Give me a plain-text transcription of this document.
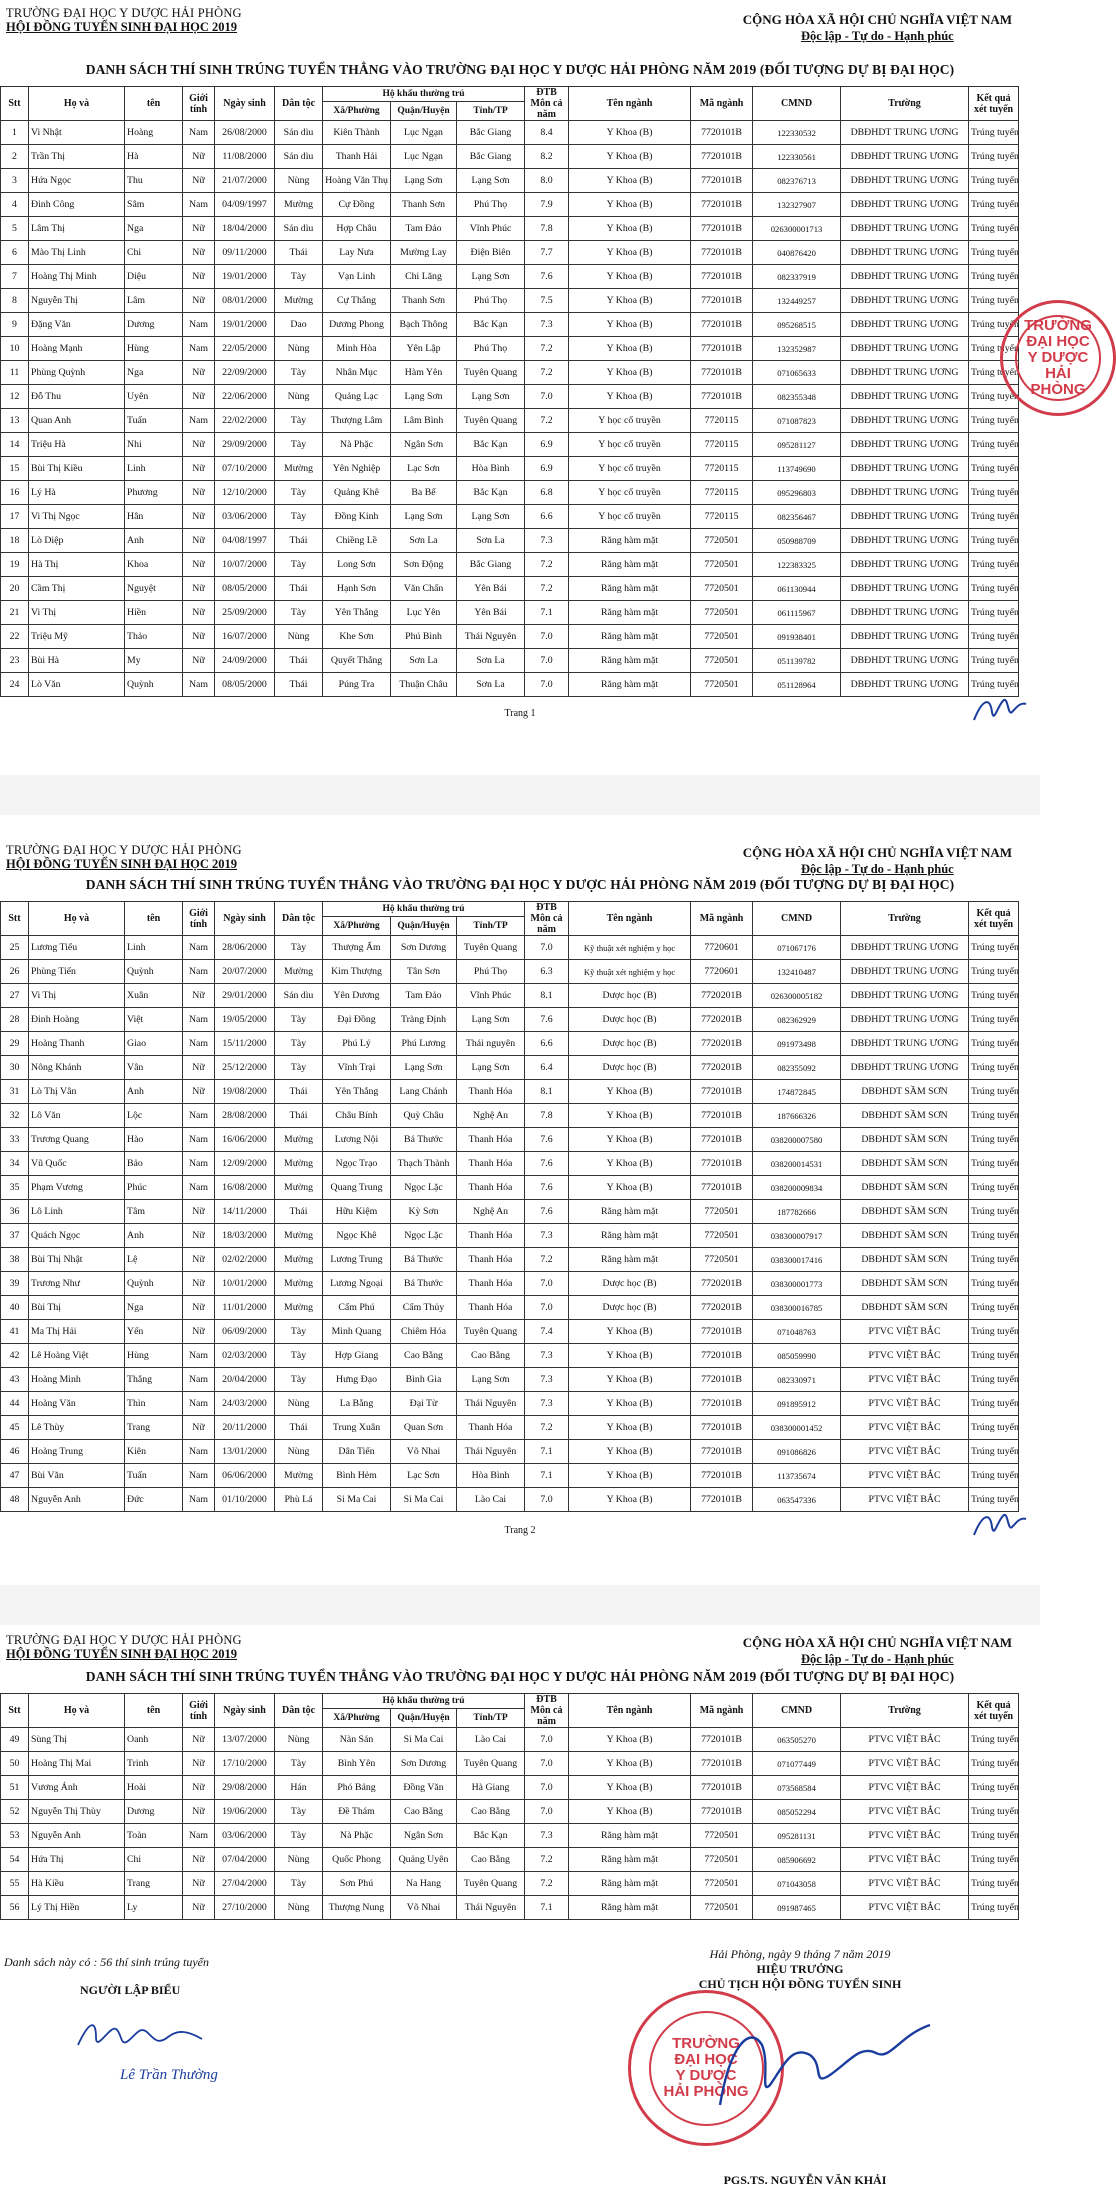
TRƯỜNG ĐẠI HỌC Y DƯỢC HẢI PHÒNG
HỘI ĐỒNG TUYỂN SINH ĐẠI HỌC 2019	CỘNG HÒA XÃ HỘI CHỦ NGHĨA VIỆT NAM
Độc lập - Tự do - Hạnh phúc
DANH SÁCH THÍ SINH TRÚNG TUYỂN THẲNG VÀO TRƯỜNG ĐẠI HỌC Y DƯỢC HẢI PHÒNG NĂM 2019 (ĐỐI TƯỢNG DỰ BỊ ĐẠI HỌC)
Stt	Họ và	tên	Giới tính	Ngày sinh	Dân tộc	Hộ khẩu thường trú			ĐTB Môn cả năm	Tên ngành	Mã ngành	CMND	Trường	Kết quả xét tuyển
						Xã/Phường	Quận/Huyện	Tỉnh/TP						
1	Vi Nhật	Hoàng	Nam	26/08/2000	Sán dìu	Kiên Thành	Lục Ngạn	Bắc Giang	8.4	Y Khoa (B)	7720101B	122330532	DBĐHDT TRUNG ƯƠNG	Trúng tuyển
2	Trần Thị	Hà	Nữ	11/08/2000	Sán dìu	Thanh Hải	Lục Ngạn	Bắc Giang	8.2	Y Khoa (B)	7720101B	122330561	DBĐHDT TRUNG ƯƠNG	Trúng tuyển
3	Hứa Ngọc	Thu	Nữ	21/07/2000	Nùng	Hoàng Văn Thụ	Lạng Sơn	Lạng Sơn	8.0	Y Khoa (B)	7720101B	082376713	DBĐHDT TRUNG ƯƠNG	Trúng tuyển
4	Đinh Công	Sâm	Nam	04/09/1997	Mường	Cự Đồng	Thanh Sơn	Phú Thọ	7.9	Y Khoa (B)	7720101B	132327907	DBĐHDT TRUNG ƯƠNG	Trúng tuyển
5	Lâm Thị	Nga	Nữ	18/04/2000	Sán dìu	Hợp Châu	Tam Đảo	Vĩnh Phúc	7.8	Y Khoa (B)	7720101B	026300001713	DBĐHDT TRUNG ƯƠNG	Trúng tuyển
6	Mào Thị Linh	Chi	Nữ	09/11/2000	Thái	Lay Nưa	Mường Lay	Điện Biên	7.7	Y Khoa (B)	7720101B	040876420	DBĐHDT TRUNG ƯƠNG	Trúng tuyển
7	Hoàng Thị Minh	Diệu	Nữ	19/01/2000	Tày	Vạn Linh	Chi Lăng	Lạng Sơn	7.6	Y Khoa (B)	7720101B	082337919	DBĐHDT TRUNG ƯƠNG	Trúng tuyển
8	Nguyễn Thị	Lâm	Nữ	08/01/2000	Mường	Cự Thắng	Thanh Sơn	Phú Thọ	7.5	Y Khoa (B)	7720101B	132449257	DBĐHDT TRUNG ƯƠNG	Trúng tuyển
9	Đặng Văn	Dương	Nam	19/01/2000	Dao	Dương Phong	Bạch Thông	Bắc Kạn	7.3	Y Khoa (B)	7720101B	095268515	DBĐHDT TRUNG ƯƠNG	Trúng tuyển
10	Hoàng Mạnh	Hùng	Nam	22/05/2000	Nùng	Minh Hòa	Yên Lập	Phú Thọ	7.2	Y Khoa (B)	7720101B	132352987	DBĐHDT TRUNG ƯƠNG	Trúng tuyển
11	Phùng Quỳnh	Nga	Nữ	22/09/2000	Tày	Nhân Mục	Hàm Yên	Tuyên Quang	7.2	Y Khoa (B)	7720101B	071065633	DBĐHDT TRUNG ƯƠNG	Trúng tuyển
12	Đỗ Thu	Uyên	Nữ	22/06/2000	Nùng	Quảng Lạc	Lạng Sơn	Lạng Sơn	7.0	Y Khoa (B)	7720101B	082355348	DBĐHDT TRUNG ƯƠNG	Trúng tuyển
13	Quan Anh	Tuấn	Nam	22/02/2000	Tày	Thượng Lâm	Lâm Bình	Tuyên Quang	7.2	Y học cổ truyền	7720115	071087823	DBĐHDT TRUNG ƯƠNG	Trúng tuyển
14	Triệu Hà	Nhi	Nữ	29/09/2000	Tày	Nà Phặc	Ngân Sơn	Bắc Kạn	6.9	Y học cổ truyền	7720115	095281127	DBĐHDT TRUNG ƯƠNG	Trúng tuyển
15	Bùi Thị Kiều	Linh	Nữ	07/10/2000	Mường	Yên Nghiệp	Lạc Sơn	Hòa Bình	6.9	Y học cổ truyền	7720115	113749690	DBĐHDT TRUNG ƯƠNG	Trúng tuyển
16	Lý Hà	Phương	Nữ	12/10/2000	Tày	Quảng Khê	Ba Bể	Bắc Kạn	6.8	Y học cổ truyền	7720115	095296803	DBĐHDT TRUNG ƯƠNG	Trúng tuyển
17	Vi Thị Ngọc	Hân	Nữ	03/06/2000	Tày	Đồng Kinh	Lạng Sơn	Lạng Sơn	6.6	Y học cổ truyền	7720115	082356467	DBĐHDT TRUNG ƯƠNG	Trúng tuyển
18	Lò Diệp	Anh	Nữ	04/08/1997	Thái	Chiềng Lề	Sơn La	Sơn La	7.3	Răng hàm mặt	7720501	050988709	DBĐHDT TRUNG ƯƠNG	Trúng tuyển
19	Hà Thị	Khoa	Nữ	10/07/2000	Tày	Long Sơn	Sơn Động	Bắc Giang	7.2	Răng hàm mặt	7720501	122383325	DBĐHDT TRUNG ƯƠNG	Trúng tuyển
20	Cầm Thị	Nguyệt	Nữ	08/05/2000	Thái	Hạnh Sơn	Văn Chấn	Yên Bái	7.2	Răng hàm mặt	7720501	061130944	DBĐHDT TRUNG ƯƠNG	Trúng tuyển
21	Vi Thị	Hiền	Nữ	25/09/2000	Tày	Yên Thắng	Lục Yên	Yên Bái	7.1	Răng hàm mặt	7720501	061115967	DBĐHDT TRUNG ƯƠNG	Trúng tuyển
22	Triệu Mỹ	Thảo	Nữ	16/07/2000	Nùng	Khe Sơn	Phú Bình	Thái Nguyên	7.0	Răng hàm mặt	7720501	091938401	DBĐHDT TRUNG ƯƠNG	Trúng tuyển
23	Bùi Hà	My	Nữ	24/09/2000	Thái	Quyết Thắng	Sơn La	Sơn La	7.0	Răng hàm mặt	7720501	051139782	DBĐHDT TRUNG ƯƠNG	Trúng tuyển
24	Lò Văn	Quỳnh	Nam	08/05/2000	Thái	Púng Tra	Thuận Châu	Sơn La	7.0	Răng hàm mặt	7720501	051128964	DBĐHDT TRUNG ƯƠNG	Trúng tuyển
Trang 1
TRƯỜNG
ĐẠI HỌC
Y DƯỢC
HẢI PHÒNG
TRƯỜNG ĐẠI HỌC Y DƯỢC HẢI PHÒNG
HỘI ĐỒNG TUYỂN SINH ĐẠI HỌC 2019
CỘNG HÒA XÃ HỘI CHỦ NGHĨA VIỆT NAM
Độc lập - Tự do - Hạnh phúc
DANH SÁCH THÍ SINH TRÚNG TUYỂN THẲNG VÀO TRƯỜNG ĐẠI HỌC Y DƯỢC HẢI PHÒNG NĂM 2019 (ĐỐI TƯỢNG DỰ BỊ ĐẠI HỌC)
Stt	Họ và	tên	Giới tính	Ngày sinh	Dân tộc	Hộ khẩu thường trú			ĐTB Môn cả năm	Tên ngành	Mã ngành	CMND	Trường	Kết quả xét tuyển
						Xã/Phường	Quận/Huyện	Tỉnh/TP						
25	Lương Tiểu	Linh	Nam	28/06/2000	Tày	Thượng Ấm	Sơn Dương	Tuyên Quang	7.0	Kỹ thuật xét nghiệm y học	7720601	071067176	DBĐHDT TRUNG ƯƠNG	Trúng tuyển
26	Phùng Tiến	Quỳnh	Nam	20/07/2000	Mường	Kim Thượng	Tân Sơn	Phú Thọ	6.3	Kỹ thuật xét nghiệm y học	7720601	132410487	DBĐHDT TRUNG ƯƠNG	Trúng tuyển
27	Vi Thị	Xuân	Nữ	29/01/2000	Sán dìu	Yên Dương	Tam Đảo	Vĩnh Phúc	8.1	Dược học (B)	7720201B	026300005182	DBĐHDT TRUNG ƯƠNG	Trúng tuyển
28	Đinh Hoàng	Việt	Nam	19/05/2000	Tày	Đại Đồng	Tràng Định	Lạng Sơn	7.6	Dược học (B)	7720201B	082362929	DBĐHDT TRUNG ƯƠNG	Trúng tuyển
29	Hoàng Thanh	Giao	Nam	15/11/2000	Tày	Phú Lý	Phú Lương	Thái nguyên	6.6	Dược học (B)	7720201B	091973498	DBĐHDT TRUNG ƯƠNG	Trúng tuyển
30	Nông Khánh	Vân	Nữ	25/12/2000	Tày	Vĩnh Trại	Lạng Sơn	Lạng Sơn	6.4	Dược học (B)	7720201B	082355092	DBĐHDT TRUNG ƯƠNG	Trúng tuyển
31	Lò Thị Vân	Anh	Nữ	19/08/2000	Thái	Yên Thắng	Lang Chánh	Thanh Hóa	8.1	Y Khoa (B)	7720101B	174872845	DBĐHDT SẦM SƠN	Trúng tuyển
32	Lô Văn	Lộc	Nam	28/08/2000	Thái	Châu Bính	Quỳ Châu	Nghệ An	7.8	Y Khoa (B)	7720101B	187666326	DBĐHDT SẦM SƠN	Trúng tuyển
33	Trương Quang	Hào	Nam	16/06/2000	Mường	Lương Nội	Bá Thước	Thanh Hóa	7.6	Y Khoa (B)	7720101B	038200007580	DBĐHDT SẦM SƠN	Trúng tuyển
34	Vũ Quốc	Bảo	Nam	12/09/2000	Mường	Ngọc Trạo	Thạch Thành	Thanh Hóa	7.6	Y Khoa (B)	7720101B	038200014531	DBĐHDT SẦM SƠN	Trúng tuyển
35	Phạm Vương	Phúc	Nam	16/08/2000	Mường	Quang Trung	Ngọc Lặc	Thanh Hóa	7.6	Y Khoa (B)	7720101B	038200009834	DBĐHDT SẦM SƠN	Trúng tuyển
36	Lô Linh	Tâm	Nữ	14/11/2000	Thái	Hữu Kiệm	Kỳ Sơn	Nghệ An	7.6	Răng hàm mặt	7720501	187782666	DBĐHDT SẦM SƠN	Trúng tuyển
37	Quách Ngọc	Anh	Nữ	18/03/2000	Mường	Ngọc Khê	Ngọc Lặc	Thanh Hóa	7.3	Răng hàm mặt	7720501	038300007917	DBĐHDT SẦM SƠN	Trúng tuyển
38	Bùi Thị Nhật	Lệ	Nữ	02/02/2000	Mường	Lương Trung	Bá Thước	Thanh Hóa	7.2	Răng hàm mặt	7720501	038300017416	DBĐHDT SẦM SƠN	Trúng tuyển
39	Trương Như	Quỳnh	Nữ	10/01/2000	Mường	Lương Ngoại	Bá Thước	Thanh Hóa	7.0	Dược học (B)	7720201B	038300001773	DBĐHDT SẦM SƠN	Trúng tuyển
40	Bùi Thị	Nga	Nữ	11/01/2000	Mường	Cẩm Phú	Cẩm Thủy	Thanh Hóa	7.0	Dược học (B)	7720201B	038300016785	DBĐHDT SẦM SƠN	Trúng tuyển
41	Ma Thị Hải	Yến	Nữ	06/09/2000	Tày	Minh Quang	Chiêm Hóa	Tuyên Quang	7.4	Y Khoa (B)	7720101B	071048763	PTVC VIỆT BẮC	Trúng tuyển
42	Lê Hoàng Việt	Hùng	Nam	02/03/2000	Tày	Hợp Giang	Cao Bằng	Cao Bằng	7.3	Y Khoa (B)	7720101B	085059990	PTVC VIỆT BẮC	Trúng tuyển
43	Hoàng Minh	Thắng	Nam	20/04/2000	Tày	Hưng Đạo	Bình Gia	Lạng Sơn	7.3	Y Khoa (B)	7720101B	082330971	PTVC VIỆT BẮC	Trúng tuyển
44	Hoàng Văn	Thìn	Nam	24/03/2000	Nùng	La Bằng	Đại Từ	Thái Nguyên	7.3	Y Khoa (B)	7720101B	091895912	PTVC VIỆT BẮC	Trúng tuyển
45	Lê Thùy	Trang	Nữ	20/11/2000	Thái	Trung Xuân	Quan Sơn	Thanh Hóa	7.2	Y Khoa (B)	7720101B	038300001452	PTVC VIỆT BẮC	Trúng tuyển
46	Hoàng Trung	Kiên	Nam	13/01/2000	Nùng	Dân Tiến	Võ Nhai	Thái Nguyên	7.1	Y Khoa (B)	7720101B	091086826	PTVC VIỆT BẮC	Trúng tuyển
47	Bùi Văn	Tuấn	Nam	06/06/2000	Mường	Bình Hẻm	Lạc Sơn	Hòa Bình	7.1	Y Khoa (B)	7720101B	113735674	PTVC VIỆT BẮC	Trúng tuyển
48	Nguyễn Anh	Đức	Nam	01/10/2000	Phù Lá	Si Ma Cai	Si Ma Cai	Lào Cai	7.0	Y Khoa (B)	7720101B	063547336	PTVC VIỆT BẮC	Trúng tuyển
Trang 2
TRƯỜNG ĐẠI HỌC Y DƯỢC HẢI PHÒNG
HỘI ĐỒNG TUYỂN SINH ĐẠI HỌC 2019
CỘNG HÒA XÃ HỘI CHỦ NGHĨA VIỆT NAM
Độc lập - Tự do - Hạnh phúc
DANH SÁCH THÍ SINH TRÚNG TUYỂN THẲNG VÀO TRƯỜNG ĐẠI HỌC Y DƯỢC HẢI PHÒNG NĂM 2019 (ĐỐI TƯỢNG DỰ BỊ ĐẠI HỌC)
Stt	Họ và	tên	Giới tính	Ngày sinh	Dân tộc	Hộ khẩu thường trú			ĐTB Môn cả năm	Tên ngành	Mã ngành	CMND	Trường	Kết quả xét tuyển
						Xã/Phường	Quận/Huyện	Tỉnh/TP						
49	Sùng Thị	Oanh	Nữ	13/07/2000	Nùng	Nàn Sán	Si Ma Cai	Lào Cai	7.0	Y Khoa (B)	7720101B	063505270	PTVC VIỆT BẮC	Trúng tuyển
50	Hoàng Thị Mai	Trinh	Nữ	17/10/2000	Tày	Bình Yên	Sơn Dương	Tuyên Quang	7.0	Y Khoa (B)	7720101B	071077449	PTVC VIỆT BẮC	Trúng tuyển
51	Vương Ánh	Hoài	Nữ	29/08/2000	Hán	Phó Bảng	Đồng Văn	Hà Giang	7.0	Y Khoa (B)	7720101B	073568584	PTVC VIỆT BẮC	Trúng tuyển
52	Nguyễn Thị Thùy	Dương	Nữ	19/06/2000	Tày	Đề Thám	Cao Bằng	Cao Bằng	7.0	Y Khoa (B)	7720101B	085052294	PTVC VIỆT BẮC	Trúng tuyển
53	Nguyễn Anh	Toàn	Nam	03/06/2000	Tày	Nà Phặc	Ngân Sơn	Bắc Kạn	7.3	Răng hàm mặt	7720501	095281131	PTVC VIỆT BẮC	Trúng tuyển
54	Hứa Thị	Chi	Nữ	07/04/2000	Nùng	Quốc Phong	Quảng Uyên	Cao Bằng	7.2	Răng hàm mặt	7720501	085906692	PTVC VIỆT BẮC	Trúng tuyển
55	Hà Kiều	Trang	Nữ	27/04/2000	Tày	Sơn Phú	Na Hang	Tuyên Quang	7.2	Răng hàm mặt	7720501	071043058	PTVC VIỆT BẮC	Trúng tuyển
56	Lý Thị Hiền	Ly	Nữ	27/10/2000	Nùng	Thượng Nung	Võ Nhai	Thái Nguyên	7.1	Răng hàm mặt	7720501	091987465	PTVC VIỆT BẮC	Trúng tuyển
Danh sách này có : 56 thí sinh trúng tuyển
NGƯỜI LẬP BIỂU
Lê Trần Thường
Hải Phòng, ngày 9 tháng 7 năm 2019
HIỆU TRƯỞNG
CHỦ TỊCH HỘI ĐỒNG TUYỂN SINH
TRƯỜNG
ĐẠI HỌC
Y DƯỢC
HẢI PHÒNG
PGS.TS. NGUYỄN VĂN KHẢI
